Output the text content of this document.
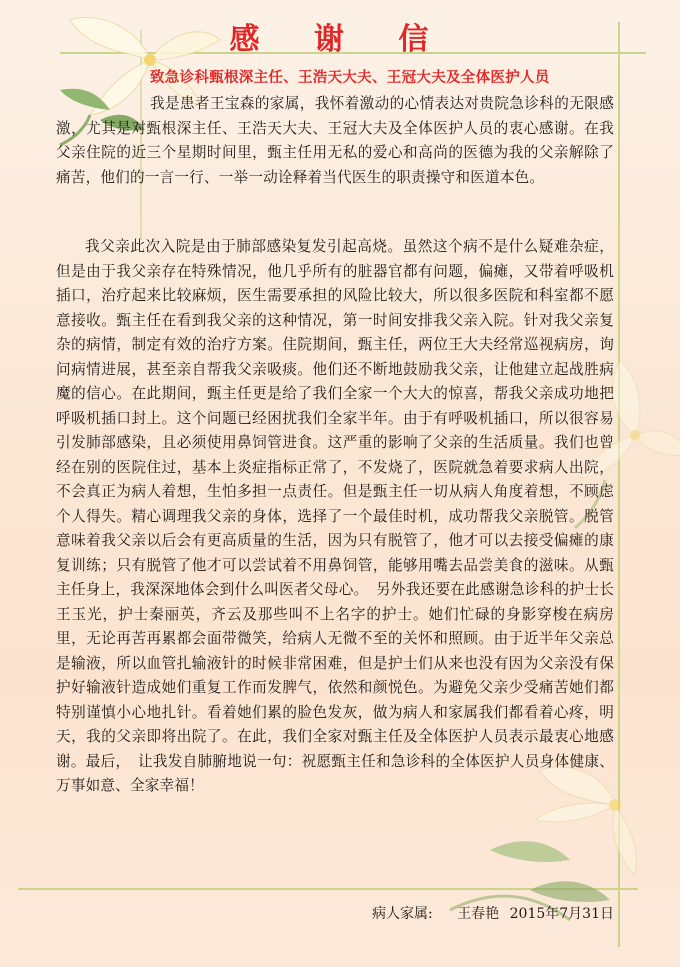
感 谢 信
致急诊科甄根深主任、王浩天大夫、王冠大夫及全体医护人员
我是患者王宝森的家属，我怀着激动的心情表达对贵院急诊科的无限感激，尤其是对甄根深主任、王浩天大夫、王冠大夫及全体医护人员的衷心感谢。在我父亲住院的近三个星期时间里，甄主任用无私的爱心和高尚的医德为我的父亲解除了痛苦，他们的一言一行、一举一动诠释着当代医生的职责操守和医道本色。
我父亲此次入院是由于肺部感染复发引起高烧。虽然这个病不是什么疑难杂症，但是由于我父亲存在特殊情况，他几乎所有的脏器官都有问题，偏瘫，又带着呼吸机插口，治疗起来比较麻烦，医生需要承担的风险比较大，所以很多医院和科室都不愿意接收。甄主任在看到我父亲的这种情况，第一时间安排我父亲入院。针对我父亲复杂的病情，制定有效的治疗方案。住院期间，甄主任，两位王大夫经常巡视病房，询问病情进展，甚至亲自帮我父亲吸痰。他们还不断地鼓励我父亲，让他建立起战胜病魔的信心。在此期间，甄主任更是给了我们全家一个大大的惊喜，帮我父亲成功地把呼吸机插口封上。这个问题已经困扰我们全家半年。由于有呼吸机插口，所以很容易引发肺部感染，且必须使用鼻饲管进食。这严重的影响了父亲的生活质量。我们也曾经在别的医院住过，基本上炎症指标正常了，不发烧了，医院就急着要求病人出院，不会真正为病人着想，生怕多担一点责任。但是甄主任一切从病人角度着想，不顾虑个人得失。精心调理我父亲的身体，选择了一个最佳时机，成功帮我父亲脱管。脱管意味着我父亲以后会有更高质量的生活，因为只有脱管了，他才可以去接受偏瘫的康复训练；只有脱管了他才可以尝试着不用鼻饲管，能够用嘴去品尝美食的滋味。从甄主任身上，我深深地体会到什么叫医者父母心。　另外我还要在此感谢急诊科的护士长王玉光，护士秦丽英，齐云及那些叫不上名字的护士。她们忙碌的身影穿梭在病房里，无论再苦再累都会面带微笑，给病人无微不至的关怀和照顾。由于近半年父亲总是输液，所以血管扎输液针的时候非常困难，但是护士们从来也没有因为父亲没有保护好输液针造成她们重复工作而发脾气，依然和颜悦色。为避免父亲少受痛苦她们都特别谨慎小心地扎针。看着她们累的脸色发灰，做为病人和家属我们都看着心疼，明天，我的父亲即将出院了。在此，我们全家对甄主任及全体医护人员表示最衷心地感谢。最后，　让我发自肺腑地说一句：祝愿甄主任和急诊科的全体医护人员身体健康、万事如意、全家幸福！
病人家属: 王春艳 2015年7月31日
